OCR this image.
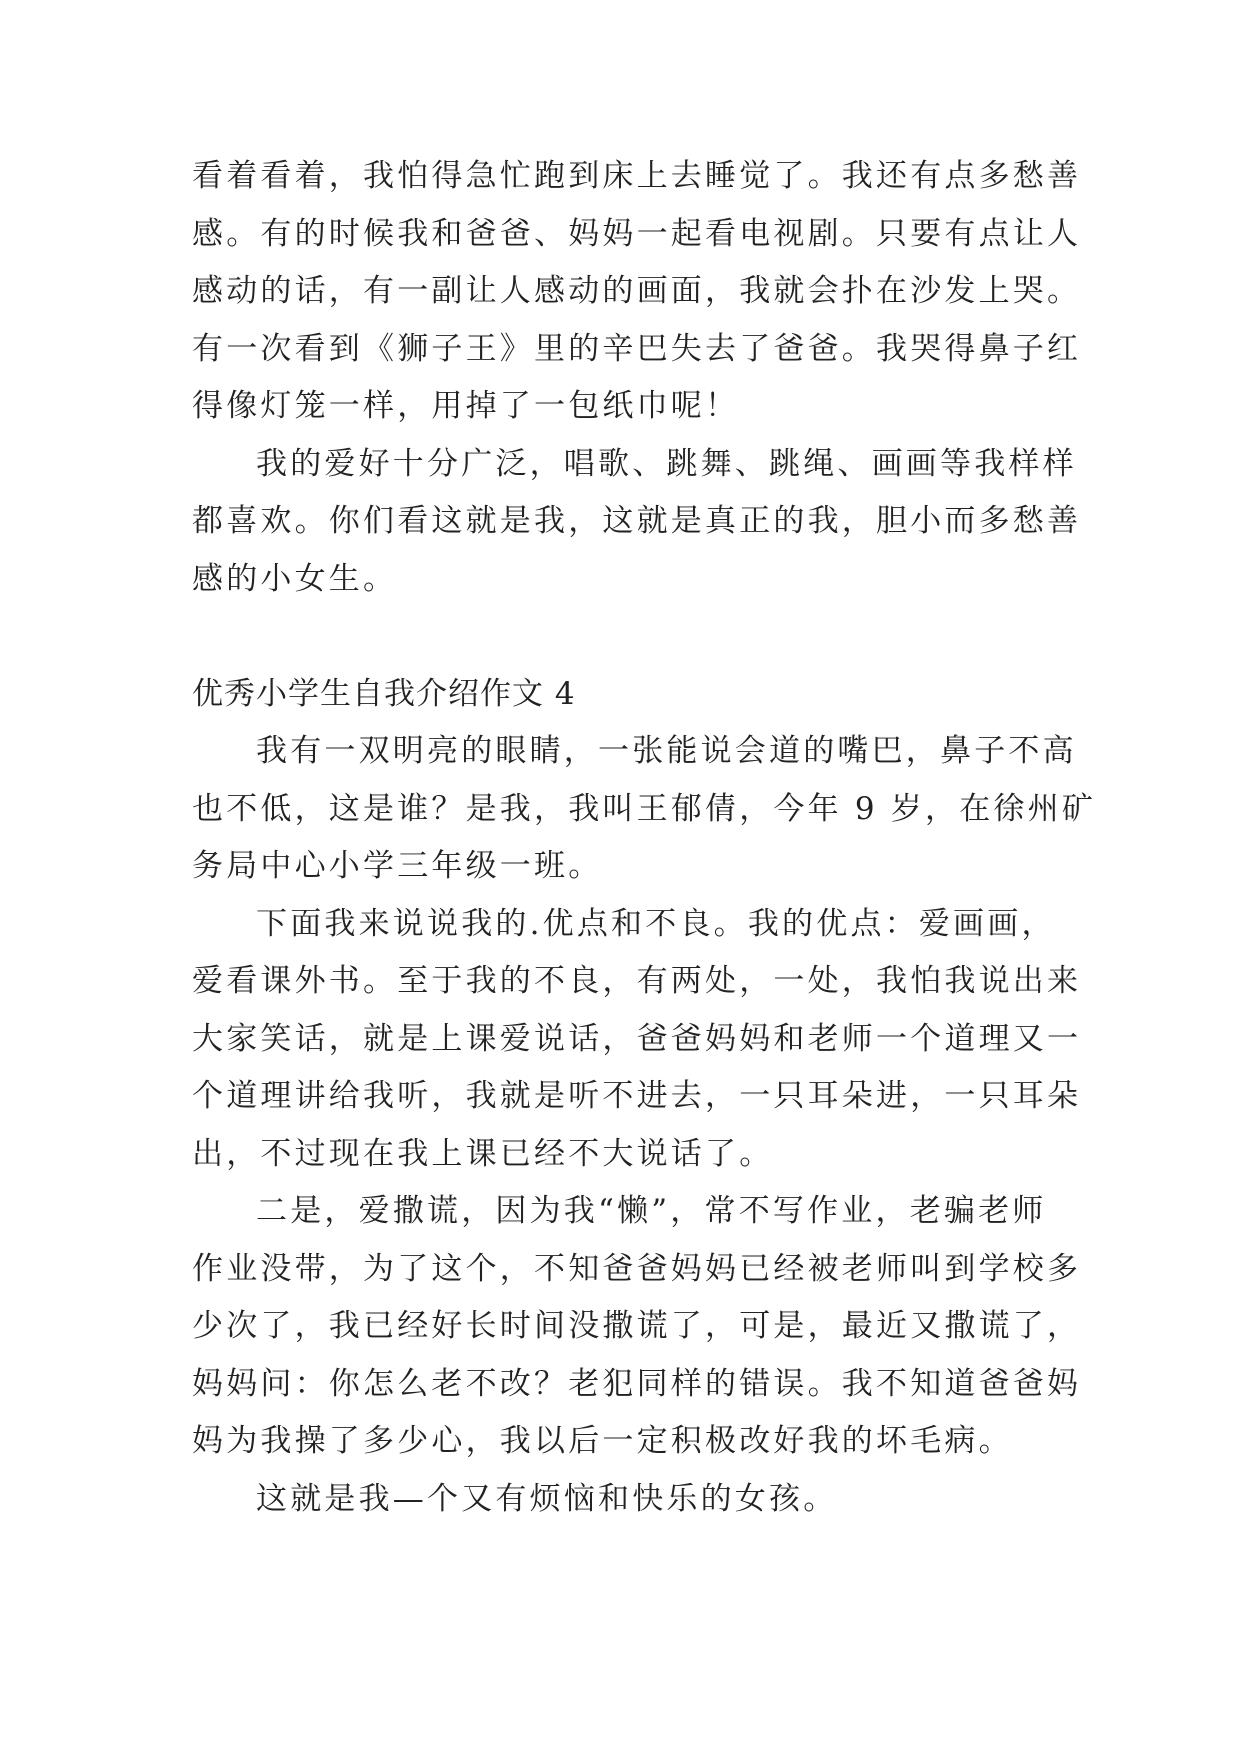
看着看着，我怕得急忙跑到床上去睡觉了。我还有点多愁善
感。有的时候我和爸爸、妈妈一起看电视剧。只要有点让人
感动的话，有一副让人感动的画面，我就会扑在沙发上哭。
有一次看到《狮子王》里的辛巴失去了爸爸。我哭得鼻子红
得像灯笼一样，用掉了一包纸巾呢！
我的爱好十分广泛，唱歌、跳舞、跳绳、画画等我样样
都喜欢。你们看这就是我，这就是真正的我，胆小而多愁善
感的小女生。
优秀小学生自我介绍作文 4
我有一双明亮的眼睛，一张能说会道的嘴巴，鼻子不高
也不低，这是谁？是我，我叫王郁倩，今年 9 岁，在徐州矿
务局中心小学三年级一班。
下面我来说说我的.优点和不良。我的优点：爱画画，
爱看课外书。至于我的不良，有两处，一处，我怕我说出来
大家笑话，就是上课爱说话，爸爸妈妈和老师一个道理又一
个道理讲给我听，我就是听不进去，一只耳朵进，一只耳朵
出，不过现在我上课已经不大说话了。
二是，爱撒谎，因为我“懒”，常不写作业，老骗老师
作业没带，为了这个，不知爸爸妈妈已经被老师叫到学校多
少次了，我已经好长时间没撒谎了，可是，最近又撒谎了，
妈妈问：你怎么老不改？老犯同样的错误。我不知道爸爸妈
妈为我操了多少心，我以后一定积极改好我的坏毛病。
这就是我—个又有烦恼和快乐的女孩。
